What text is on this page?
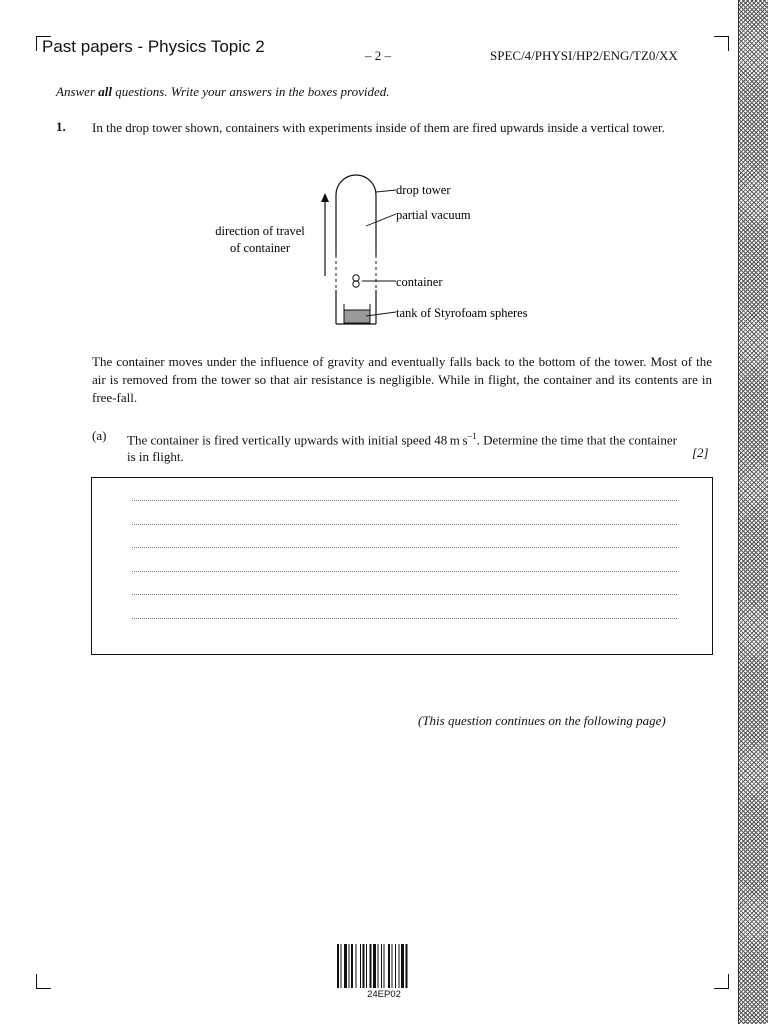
Past papers - Physics Topic 2	– 2 –	SPEC/4/PHYSI/HP2/ENG/TZ0/XX
Answer all questions. Write your answers in the boxes provided.
1. In the drop tower shown, containers with experiments inside of them are fired upwards inside a vertical tower.
drop tower
partial vacuum
container
tank of Styrofoam spheres
direction of travel
of container
The container moves under the influence of gravity and eventually falls back to the bottom of the tower. Most of the air is removed from the tower so that air resistance is negligible. While in flight, the container and its contents are in free-fall.
(a) The container is fired vertically upwards with initial speed 48 m $s^{-1}$. Determine the time that the container is in flight.	[2]
(This question continues on the following page)
24EP02
